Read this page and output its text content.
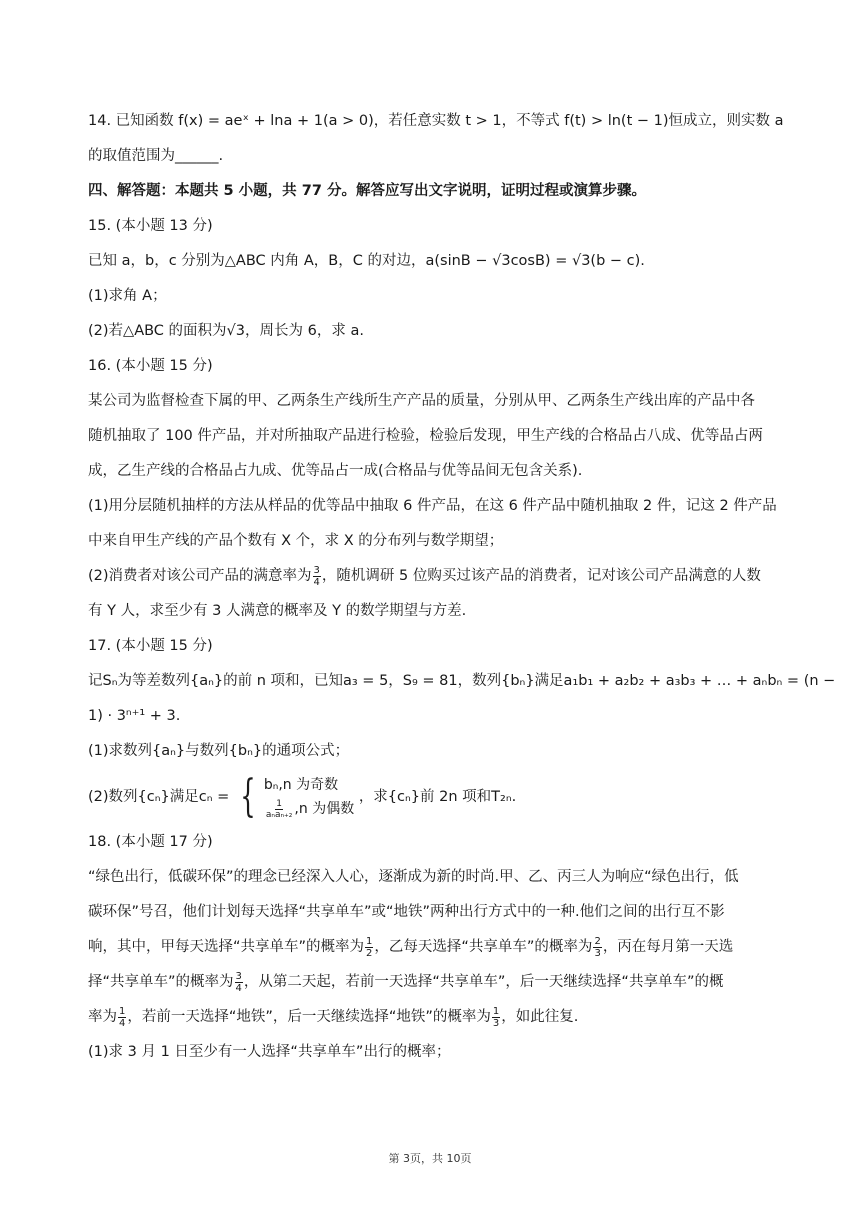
14. 已知函数 f(x) = aeˣ + lna + 1(a > 0)，若任意实数 t > 1，不等式 f(t) > ln(t − 1)恒成立，则实数 a
的取值范围为______.
四、解答题：本题共 5 小题，共 77 分。解答应写出文字说明，证明过程或演算步骤。
15. (本小题 13 分)
已知 a，b，c 分别为△ABC 内角 A，B，C 的对边，a(sinB − √3cosB) = √3(b − c).
(1)求角 A；
(2)若△ABC 的面积为√3，周长为 6，求 a.
16. (本小题 15 分)
某公司为监督检查下属的甲、乙两条生产线所生产产品的质量，分别从甲、乙两条生产线出库的产品中各
随机抽取了 100 件产品，并对所抽取产品进行检验，检验后发现，甲生产线的合格品占八成、优等品占两
成，乙生产线的合格品占九成、优等品占一成(合格品与优等品间无包含关系).
(1)用分层随机抽样的方法从样品的优等品中抽取 6 件产品，在这 6 件产品中随机抽取 2 件，记这 2 件产品
中来自甲生产线的产品个数有 X 个，求 X 的分布列与数学期望；
(2)消费者对该公司产品的满意率为 $\frac{3}{4}$ ，随机调研 5 位购买过该产品的消费者，记对该公司产品满意的人数
有 Y 人，求至少有 3 人满意的概率及 Y 的数学期望与方差.
17. (本小题 15 分)
记Sₙ为等差数列{aₙ}的前 n 项和，已知a₃ = 5，S₉ = 81，数列{bₙ}满足a₁b₁ + a₂b₂ + a₃b₃ + … + aₙbₙ = (n −
1) · 3ⁿ⁺¹ + 3.
(1)求数列{aₙ}与数列{bₙ}的通项公式；
(2)数列{cₙ}满足cₙ = { bₙ,n 为奇数
$\frac{1}{\text{aₙaₙ₊₂}} ,n$ 为偶数
，求{cₙ}前 2n 项和T₂ₙ.
18. (本小题 17 分)
“绿色出行，低碳环保”的理念已经深入人心，逐渐成为新的时尚.甲、乙、丙三人为响应“绿色出行，低
碳环保”号召，他们计划每天选择“共享单车”或“地铁”两种出行方式中的一种.他们之间的出行互不影
响，其中，甲每天选择“共享单车”的概率为 $\frac{1}{2}$ ，乙每天选择“共享单车”的概率为 $\frac{2}{3}$ ，丙在每月第一天选
择“共享单车”的概率为 $\frac{3}{4}$ ，从第二天起，若前一天选择“共享单车”，后一天继续选择“共享单车”的概
率为 $\frac{1}{4}$ ，若前一天选择“地铁”，后一天继续选择“地铁”的概率为 $\frac{1}{3}$ ，如此往复.
(1)求 3 月 1 日至少有一人选择“共享单车”出行的概率；
第 3页，共 10页
